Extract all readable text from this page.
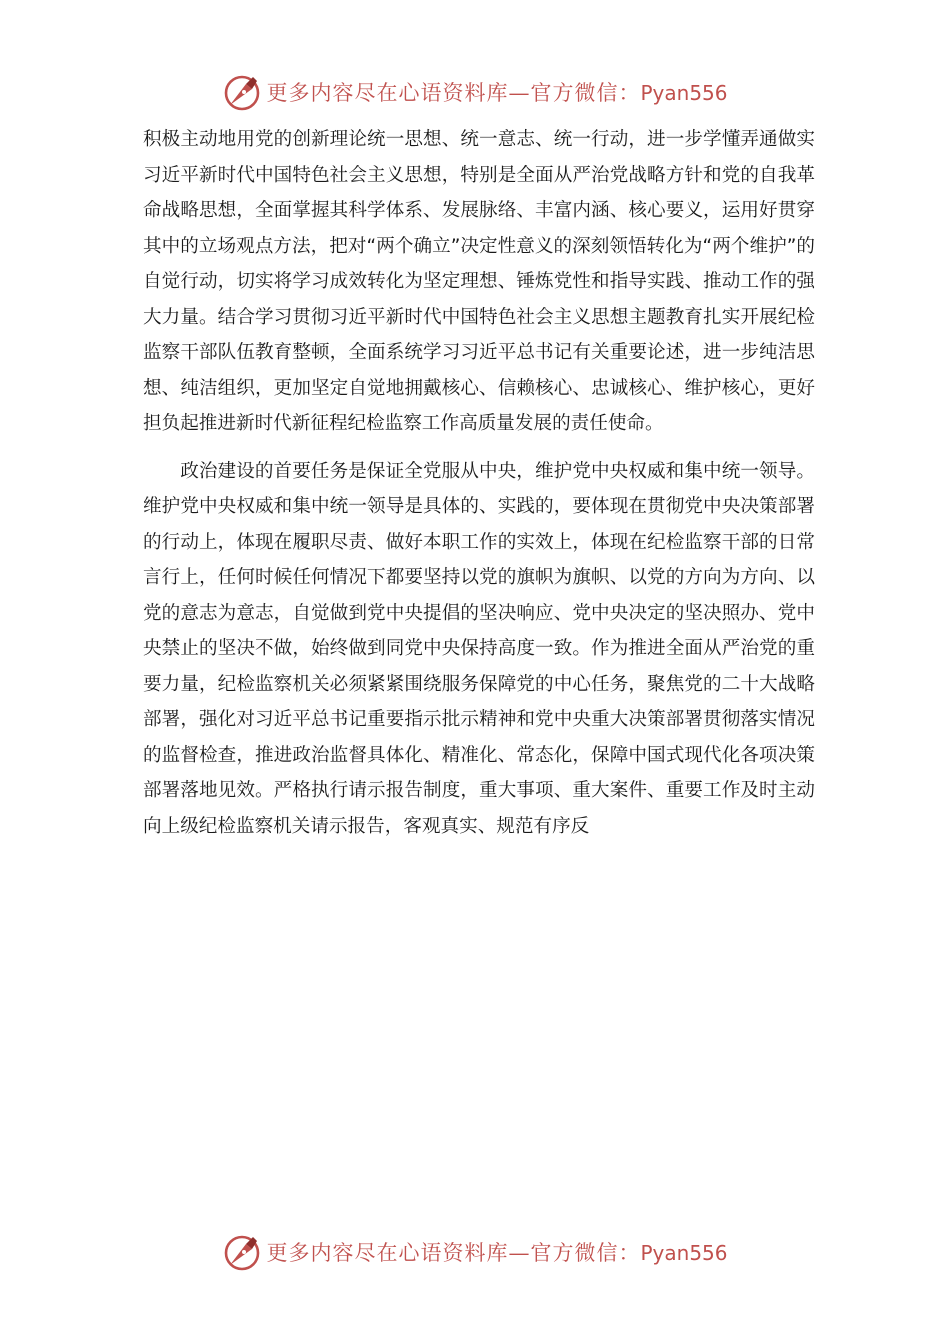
更多内容尽在心语资料库—官方微信：Pyan556

积极主动地用党的创新理论统一思想、统一意志、统一行动，进一步学懂弄通做实习近平新时代中国特色社会主义思想，特别是全面从严治党战略方针和党的自我革命战略思想，全面掌握其科学体系、发展脉络、丰富内涵、核心要义，运用好贯穿其中的立场观点方法，把对“两个确立”决定性意义的深刻领悟转化为“两个维护”的自觉行动，切实将学习成效转化为坚定理想、锤炼党性和指导实践、推动工作的强大力量。结合学习贯彻习近平新时代中国特色社会主义思想主题教育扎实开展纪检监察干部队伍教育整顿，全面系统学习习近平总书记有关重要论述，进一步纯洁思想、纯洁组织，更加坚定自觉地拥戴核心、信赖核心、忠诚核心、维护核心，更好担负起推进新时代新征程纪检监察工作高质量发展的责任使命。

政治建设的首要任务是保证全党服从中央，维护党中央权威和集中统一领导。维护党中央权威和集中统一领导是具体的、实践的，要体现在贯彻党中央决策部署的行动上，体现在履职尽责、做好本职工作的实效上，体现在纪检监察干部的日常言行上，任何时候任何情况下都要坚持以党的旗帜为旗帜、以党的方向为方向、以党的意志为意志，自觉做到党中央提倡的坚决响应、党中央决定的坚决照办、党中央禁止的坚决不做，始终做到同党中央保持高度一致。作为推进全面从严治党的重要力量，纪检监察机关必须紧紧围绕服务保障党的中心任务，聚焦党的二十大战略部署，强化对习近平总书记重要指示批示精神和党中央重大决策部署贯彻落实情况的监督检查，推进政治监督具体化、精准化、常态化，保障中国式现代化各项决策部署落地见效。严格执行请示报告制度，重大事项、重大案件、重要工作及时主动向上级纪检监察机关请示报告，客观真实、规范有序反

更多内容尽在心语资料库—官方微信：Pyan556
